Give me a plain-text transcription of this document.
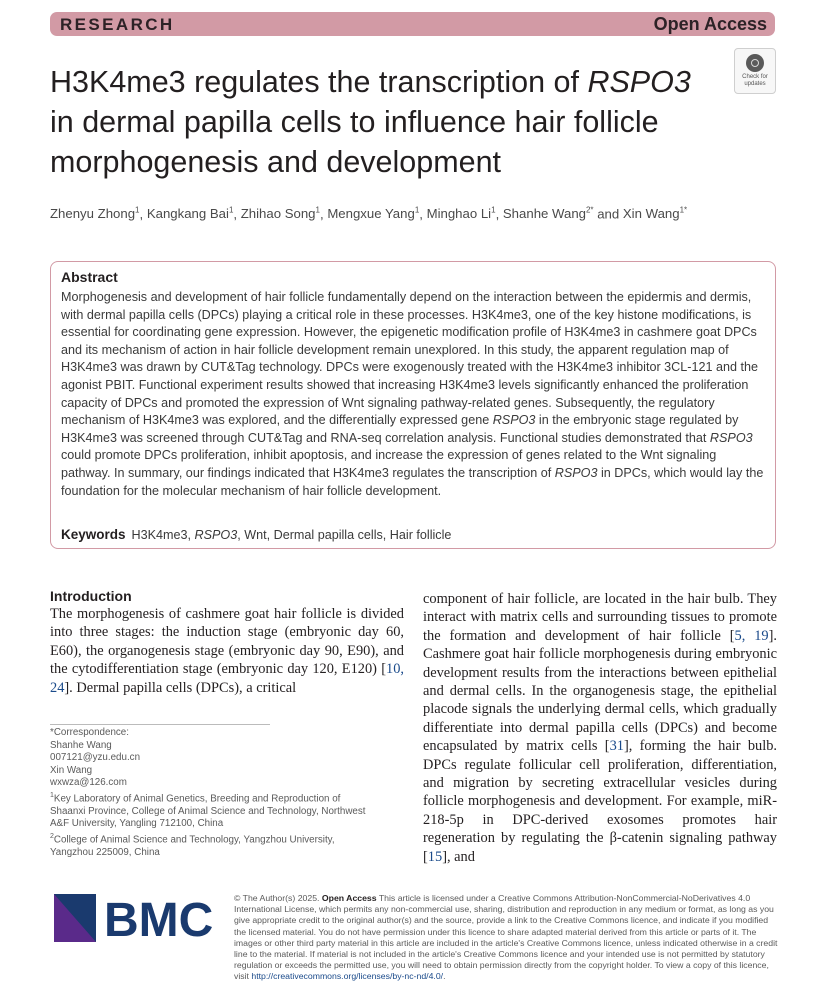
RESEARCH	Open Access
H3K4me3 regulates the transcription of RSPO3
in dermal papilla cells to influence hair follicle
morphogenesis and development
Check for updates
Zhenyu Zhong$^1$, Kangkang Bai$^1$, Zhihao Song$^1$, Mengxue Yang$^1$, Minghao Li$^1$, Shanhe Wang$^{2*}$ and Xin Wang$^{1*}$
Abstract
Morphogenesis and development of hair follicle fundamentally depend on the interaction between the epidermis and dermis, with dermal papilla cells (DPCs) playing a critical role in these processes. H3K4me3, one of the key histone modifications, is essential for coordinating gene expression. However, the epigenetic modification profile of H3K4me3 in cashmere goat DPCs and its mechanism of action in hair follicle development remain unexplored. In this study, the apparent regulation map of H3K4me3 was drawn by CUT&Tag technology. DPCs were exogenously treated with the H3K4me3 inhibitor 3CL-121 and the agonist PBIT. Functional experiment results showed that increasing H3K4me3 levels significantly enhanced the proliferation capacity of DPCs and promoted the expression of Wnt signaling pathway-related genes. Subsequently, the regulatory mechanism of H3K4me3 was explored, and the differentially expressed gene RSPO3 in the embryonic stage regulated by H3K4me3 was screened through CUT&Tag and RNA-seq correlation analysis. Functional studies demonstrated that RSPO3 could promote DPCs proliferation, inhibit apoptosis, and increase the expression of genes related to the Wnt signaling pathway. In summary, our findings indicated that H3K4me3 regulates the transcription of RSPO3 in DPCs, which would lay the foundation for the molecular mechanism of hair follicle development.
Keywords H3K4me3, RSPO3, Wnt, Dermal papilla cells, Hair follicle
Introduction
The morphogenesis of cashmere goat hair follicle is divided into three stages: the induction stage (embryonic day 60, E60), the organogenesis stage (embryonic day 90, E90), and the cytodifferentiation stage (embryonic day 120, E120) [10, 24]. Dermal papilla cells (DPCs), a critical
*Correspondence:
Shanhe Wang
007121@yzu.edu.cn
Xin Wang
wxwza@126.com
$^1$Key Laboratory of Animal Genetics, Breeding and Reproduction of Shaanxi Province, College of Animal Science and Technology, Northwest A&F University, Yangling 712100, China
$^2$College of Animal Science and Technology, Yangzhou University, Yangzhou 225009, China
component of hair follicle, are located in the hair bulb. They interact with matrix cells and surrounding tissues to promote the formation and development of hair follicle [5, 19]. Cashmere goat hair follicle morphogenesis during embryonic development results from the interactions between epithelial and dermal cells. In the organogenesis stage, the epithelial placode signals the underlying dermal cells, which gradually differentiate into dermal papilla cells (DPCs) and become encapsulated by matrix cells [31], forming the hair bulb. DPCs regulate follicular cell proliferation, differentiation, and migration by secreting extracellular vesicles during follicle morphogenesis and development. For example, miR-218-5p in DPC-derived exosomes promotes hair regeneration by regulating the β-catenin signaling pathway [15], and
BMC © The Author(s) 2025. Open Access This article is licensed under a Creative Commons Attribution-NonCommercial-NoDerivatives 4.0 International License, which permits any non-commercial use, sharing, distribution and reproduction in any medium or format, as long as you give appropriate credit to the original author(s) and the source, provide a link to the Creative Commons licence, and indicate if you modified the licensed material. You do not have permission under this licence to share adapted material derived from this article or parts of it. The images or other third party material in this article are included in the article's Creative Commons licence, unless indicated otherwise in a credit line to the material. If material is not included in the article's Creative Commons licence and your intended use is not permitted by statutory regulation or exceeds the permitted use, you will need to obtain permission directly from the copyright holder. To view a copy of this licence, visit http://creativecommons.org/licenses/by-nc-nd/4.0/.
